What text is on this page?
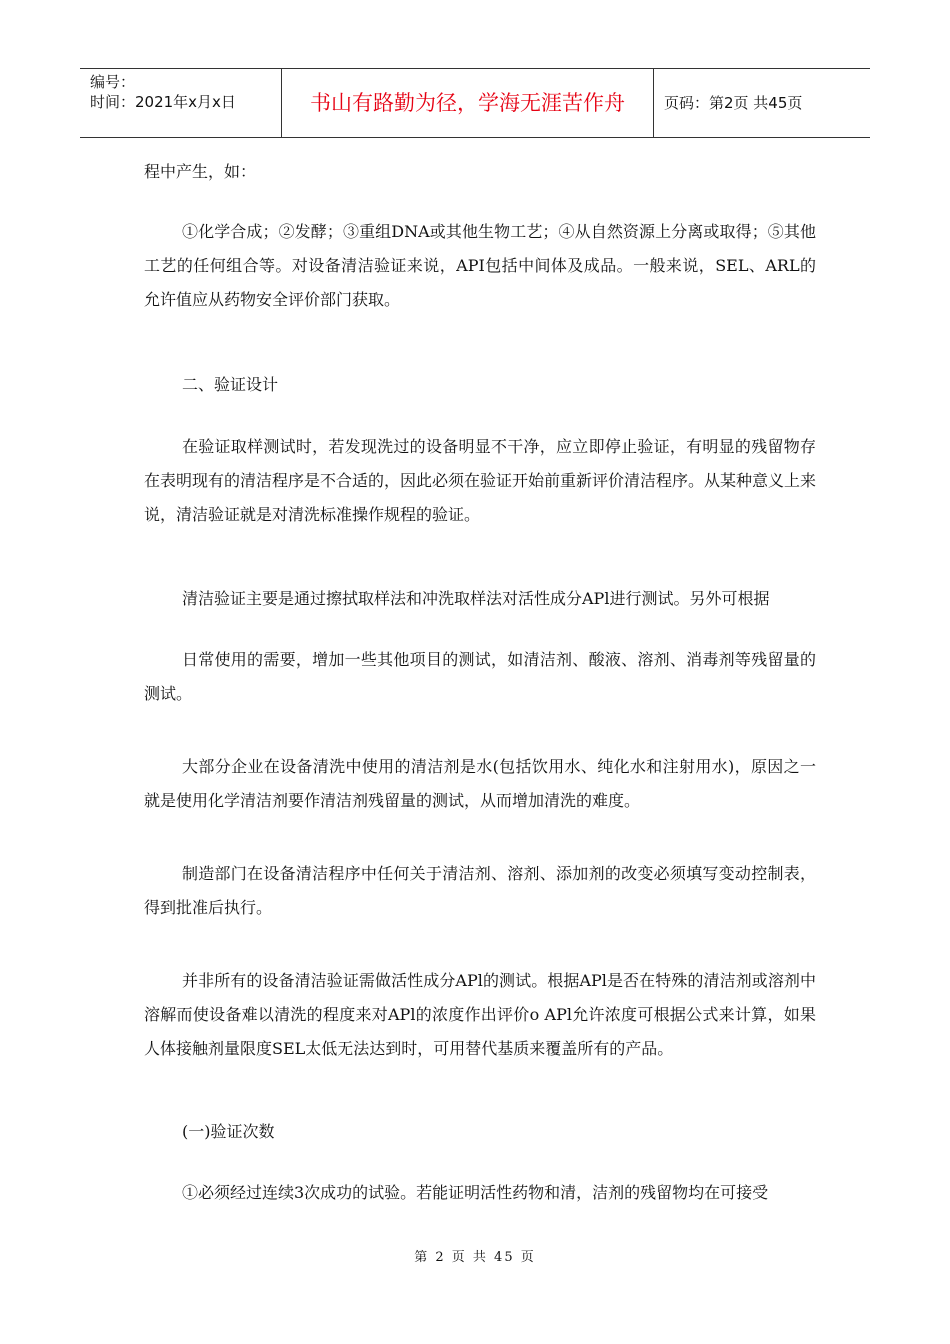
编号：
时间：2021年x月x日	书山有路勤为径，学海无涯苦作舟	页码：第2页 共45页

程中产生，如：

①化学合成；②发酵；③重组DNA或其他生物工艺；④从自然资源上分离或取得；⑤其他工艺的任何组合等。对设备清洁验证来说，API包括中间体及成品。一般来说，SEL、ARL的允许值应从药物安全评价部门获取。

二、验证设计

在验证取样测试时，若发现洗过的设备明显不干净，应立即停止验证，有明显的残留物存在表明现有的清洁程序是不合适的，因此必须在验证开始前重新评价清洁程序。从某种意义上来说，清洁验证就是对清洗标准操作规程的验证。

清洁验证主要是通过擦拭取样法和冲洗取样法对活性成分APl进行测试。另外可根据

日常使用的需要，增加一些其他项目的测试，如清洁剂、酸液、溶剂、消毒剂等残留量的测试。

大部分企业在设备清洗中使用的清洁剂是水(包括饮用水、纯化水和注射用水)，原因之一就是使用化学清洁剂要作清洁剂残留量的测试，从而增加清洗的难度。

制造部门在设备清洁程序中任何关于清洁剂、溶剂、添加剂的改变必须填写变动控制表，得到批准后执行。

并非所有的设备清洁验证需做活性成分APl的测试。根据APl是否在特殊的清洁剂或溶剂中溶解而使设备难以清洗的程度来对APl的浓度作出评价o APl允许浓度可根据公式来计算，如果人体接触剂量限度SEL太低无法达到时，可用替代基质来覆盖所有的产品。

(一)验证次数

①必须经过连续3次成功的试验。若能证明活性药物和清，洁剂的残留物均在可接受

第 2 页 共 45 页
